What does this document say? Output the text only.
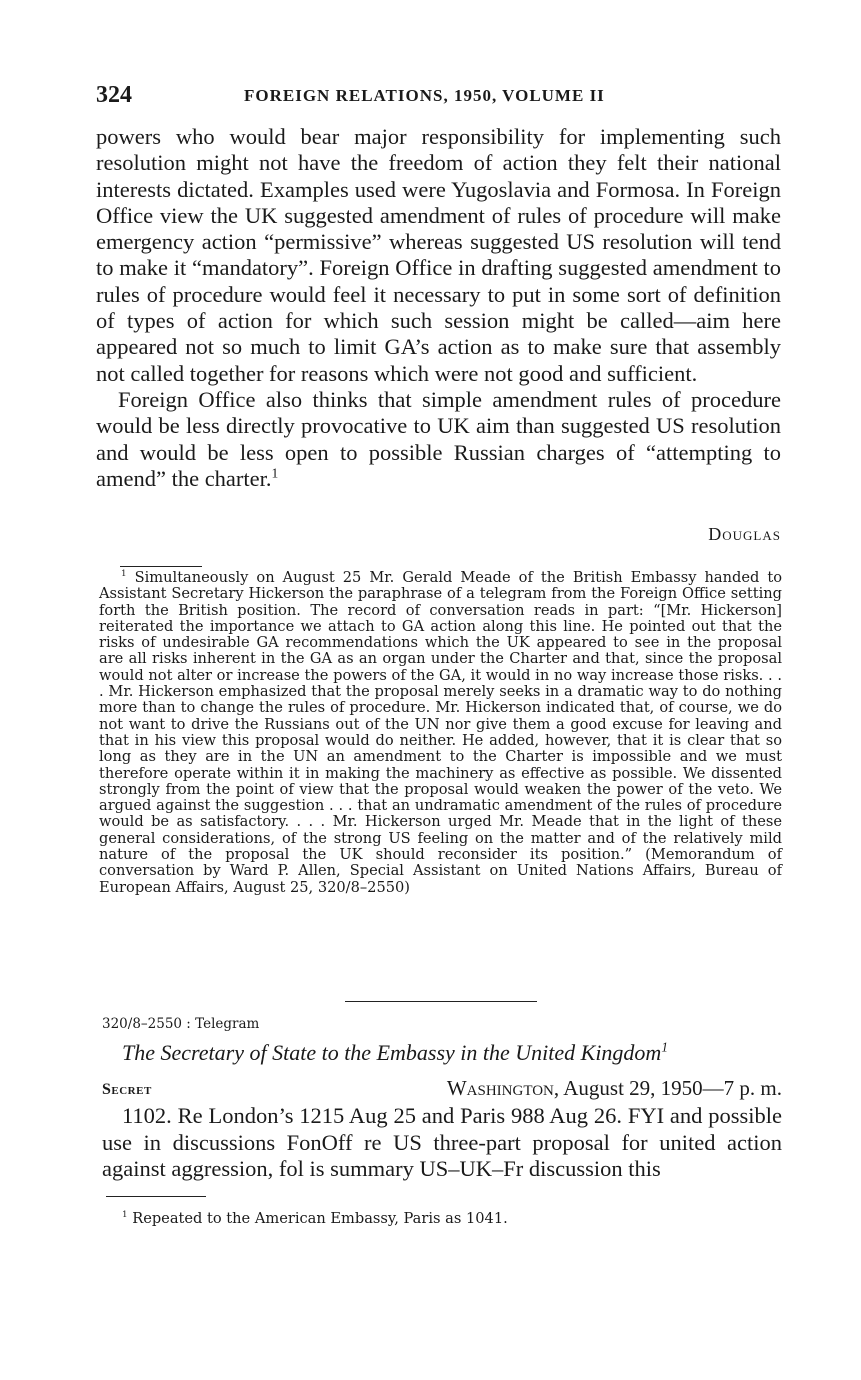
324	FOREIGN RELATIONS, 1950, VOLUME II

powers who would bear major responsibility for implementing such resolution might not have the freedom of action they felt their national interests dictated. Examples used were Yugoslavia and Formosa. In Foreign Office view the UK suggested amendment of rules of procedure will make emergency action “permissive” whereas suggested US resolution will tend to make it “mandatory”. Foreign Office in drafting suggested amendment to rules of procedure would feel it necessary to put in some sort of definition of types of action for which such session might be called—aim here appeared not so much to limit GA’s action as to make sure that assembly not called together for reasons which were not good and sufficient.

Foreign Office also thinks that simple amendment rules of procedure would be less directly provocative to UK aim than suggested US resolution and would be less open to possible Russian charges of “attempting to amend” the charter.$^1$

Douglas

$^1$ Simultaneously on August 25 Mr. Gerald Meade of the British Embassy handed to Assistant Secretary Hickerson the paraphrase of a telegram from the Foreign Office setting forth the British position. The record of conversation reads in part: “[Mr. Hickerson] reiterated the importance we attach to GA action along this line. He pointed out that the risks of undesirable GA recommendations which the UK appeared to see in the proposal are all risks inherent in the GA as an organ under the Charter and that, since the proposal would not alter or increase the powers of the GA, it would in no way increase those risks. . . . Mr. Hickerson emphasized that the proposal merely seeks in a dramatic way to do nothing more than to change the rules of procedure. Mr. Hickerson indicated that, of course, we do not want to drive the Russians out of the UN nor give them a good excuse for leaving and that in his view this proposal would do neither. He added, however, that it is clear that so long as they are in the UN an amendment to the Charter is impossible and we must therefore operate within it in making the machinery as effective as possible. We dissented strongly from the point of view that the proposal would weaken the power of the veto. We argued against the suggestion . . . that an undramatic amendment of the rules of procedure would be as satisfactory. . . . Mr. Hickerson urged Mr. Meade that in the light of these general considerations, of the strong US feeling on the matter and of the relatively mild nature of the proposal the UK should reconsider its position.” (Memorandum of conversation by Ward P. Allen, Special Assistant on United Nations Affairs, Bureau of European Affairs, August 25, 320/8–2550)

320/8–2550 : Telegram
The Secretary of State to the Embassy in the United Kingdom$^1$
Secret	Washington, August 29, 1950—7 p. m.

1102. Re London’s 1215 Aug 25 and Paris 988 Aug 26. FYI and possible use in discussions FonOff re US three-part proposal for united action against aggression, fol is summary US–UK–Fr discussion this

$^1$ Repeated to the American Embassy, Paris as 1041.
